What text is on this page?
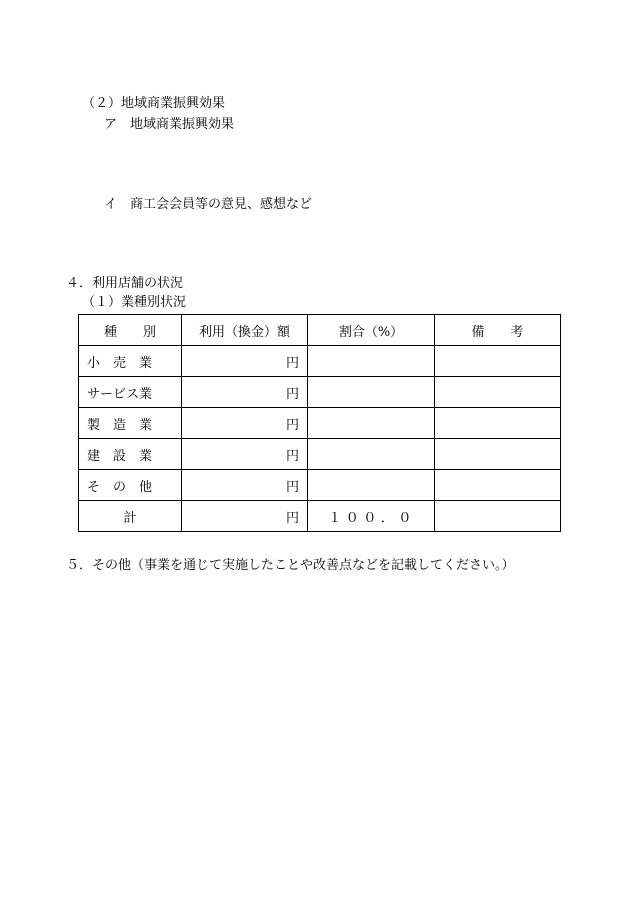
（２）地域商業振興効果
ア　地域商業振興効果
イ　商工会会員等の意見、感想など
４．利用店舗の状況
（１）業種別状況
種　　別	利用（換金）額	割合（%）	備　　考
小　売　業	円		
サービス業	円		
製　造　業	円		
建　設　業	円		
そ　の　他	円		
計	円	１００．０	
５．その他（事業を通じて実施したことや改善点などを記載してください。）
